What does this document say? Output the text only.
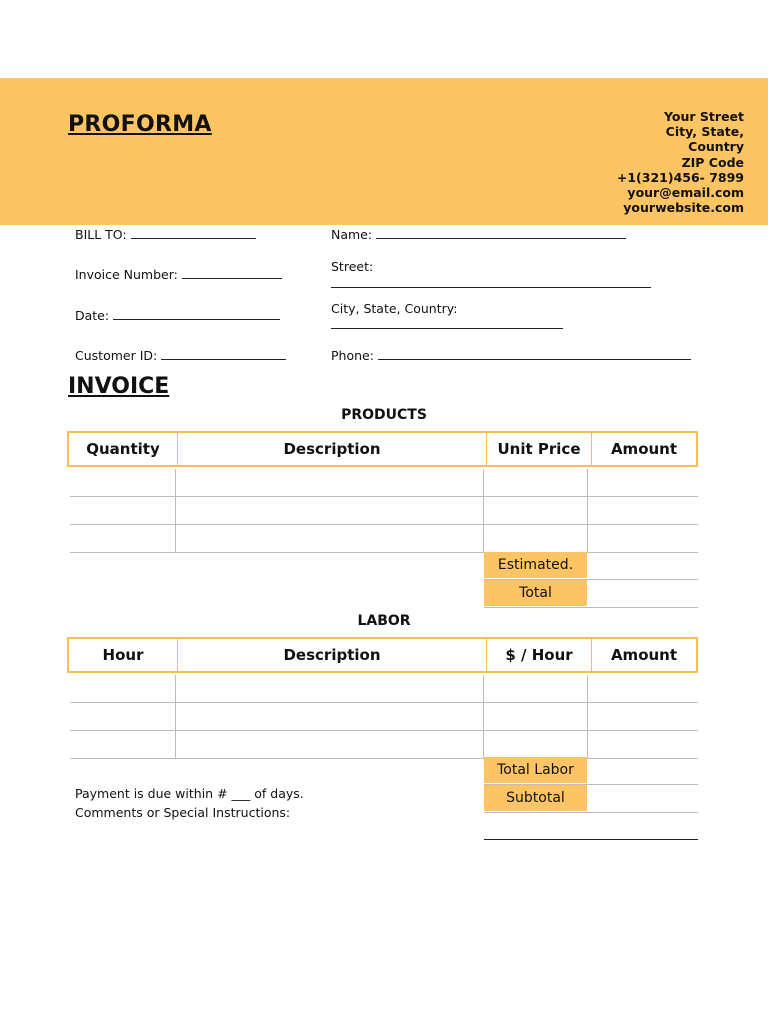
PROFORMA	Your Street
City, State,
Country
ZIP Code
+1(321)456- 7899
your@email.com
yourwebsite.com
BILL TO:
Invoice Number:
Date:
Customer ID:
Name:
Street:
City, State, Country:
Phone:
INVOICE
PRODUCTS
Quantity	Description	Unit Price	Amount
Estimated.
Total
LABOR
Hour	Description	$ / Hour	Amount
Total Labor
Subtotal
Payment is due within # ___ of days.
Comments or Special Instructions:
